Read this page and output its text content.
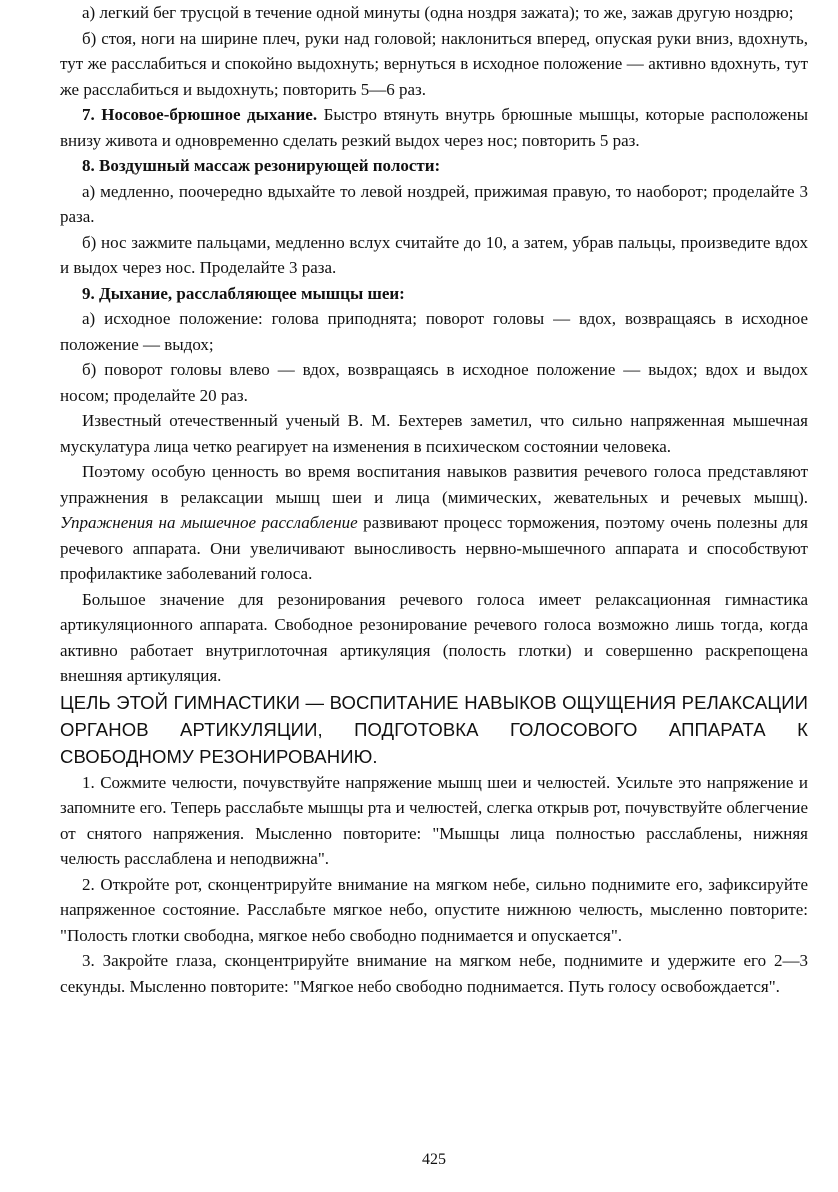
а) легкий бег трусцой в течение одной минуты (одна ноздря зажата); то же, зажав другую ноздрю;

б) стоя, ноги на ширине плеч, руки над головой; наклониться вперед, опуская руки вниз, вдохнуть, тут же расслабиться и спокойно выдохнуть; вернуться в исходное положение — активно вдохнуть, тут же расслабиться и выдохнуть; повторить 5—6 раз.

7. Носовое-брюшное дыхание. Быстро втянуть внутрь брюшные мышцы, которые расположены внизу живота и одновременно сделать резкий выдох через нос; повторить 5 раз.

8. Воздушный массаж резонирующей полости:

а) медленно, поочередно вдыхайте то левой ноздрей, прижимая правую, то наоборот; проделайте 3 раза.

б) нос зажмите пальцами, медленно вслух считайте до 10, а затем, убрав пальцы, произведите вдох и выдох через нос. Проделайте 3 раза.

9. Дыхание, расслабляющее мышцы шеи:

а) исходное положение: голова приподнята; поворот головы — вдох, возвращаясь в исходное положение — выдох;

б) поворот головы влево — вдох, возвращаясь в исходное положение — выдох; вдох и выдох носом; проделайте 20 раз.

Известный отечественный ученый В. М. Бехтерев заметил, что сильно напряженная мышечная мускулатура лица четко реагирует на изменения в психическом состоянии человека.

Поэтому особую ценность во время воспитания навыков развития речевого голоса представляют упражнения в релаксации мышц шеи и лица (мимических, жевательных и речевых мышц). Упражнения на мышечное расслабление развивают процесс торможения, поэтому очень полезны для речевого аппарата. Они увеличивают выносливость нервно-мышечного аппарата и способствуют профилактике заболеваний голоса.

Большое значение для резонирования речевого голоса имеет релаксационная гимнастика артикуляционного аппарата. Свободное резонирование речевого голоса возможно лишь тогда, когда активно работает внутриглоточная артикуляция (полость глотки) и совершенно раскрепощена внешняя артикуляция.

ЦЕЛЬ ЭТОЙ ГИМНАСТИКИ — ВОСПИТАНИЕ НАВЫКОВ ОЩУЩЕНИЯ РЕЛАКСАЦИИ ОРГАНОВ АРТИКУЛЯЦИИ, ПОДГОТОВКА ГОЛОСОВОГО АППАРАТА К СВОБОДНОМУ РЕЗОНИРОВАНИЮ.

1. Сожмите челюсти, почувствуйте напряжение мышц шеи и челюстей. Усильте это напряжение и запомните его. Теперь расслабьте мышцы рта и челюстей, слегка открыв рот, почувствуйте облегчение от снятого напряжения. Мысленно повторите: "Мышцы лица полностью расслаблены, нижняя челюсть расслаблена и неподвижна".

2. Откройте рот, сконцентрируйте внимание на мягком небе, сильно поднимите его, зафиксируйте напряженное состояние. Расслабьте мягкое небо, опустите нижнюю челюсть, мысленно повторите: "Полость глотки свободна, мягкое небо свободно поднимается и опускается".

3. Закройте глаза, сконцентрируйте внимание на мягком небе, поднимите и удержите его 2—3 секунды. Мысленно повторите: "Мягкое небо свободно поднимается. Путь голосу освобождается".

425
